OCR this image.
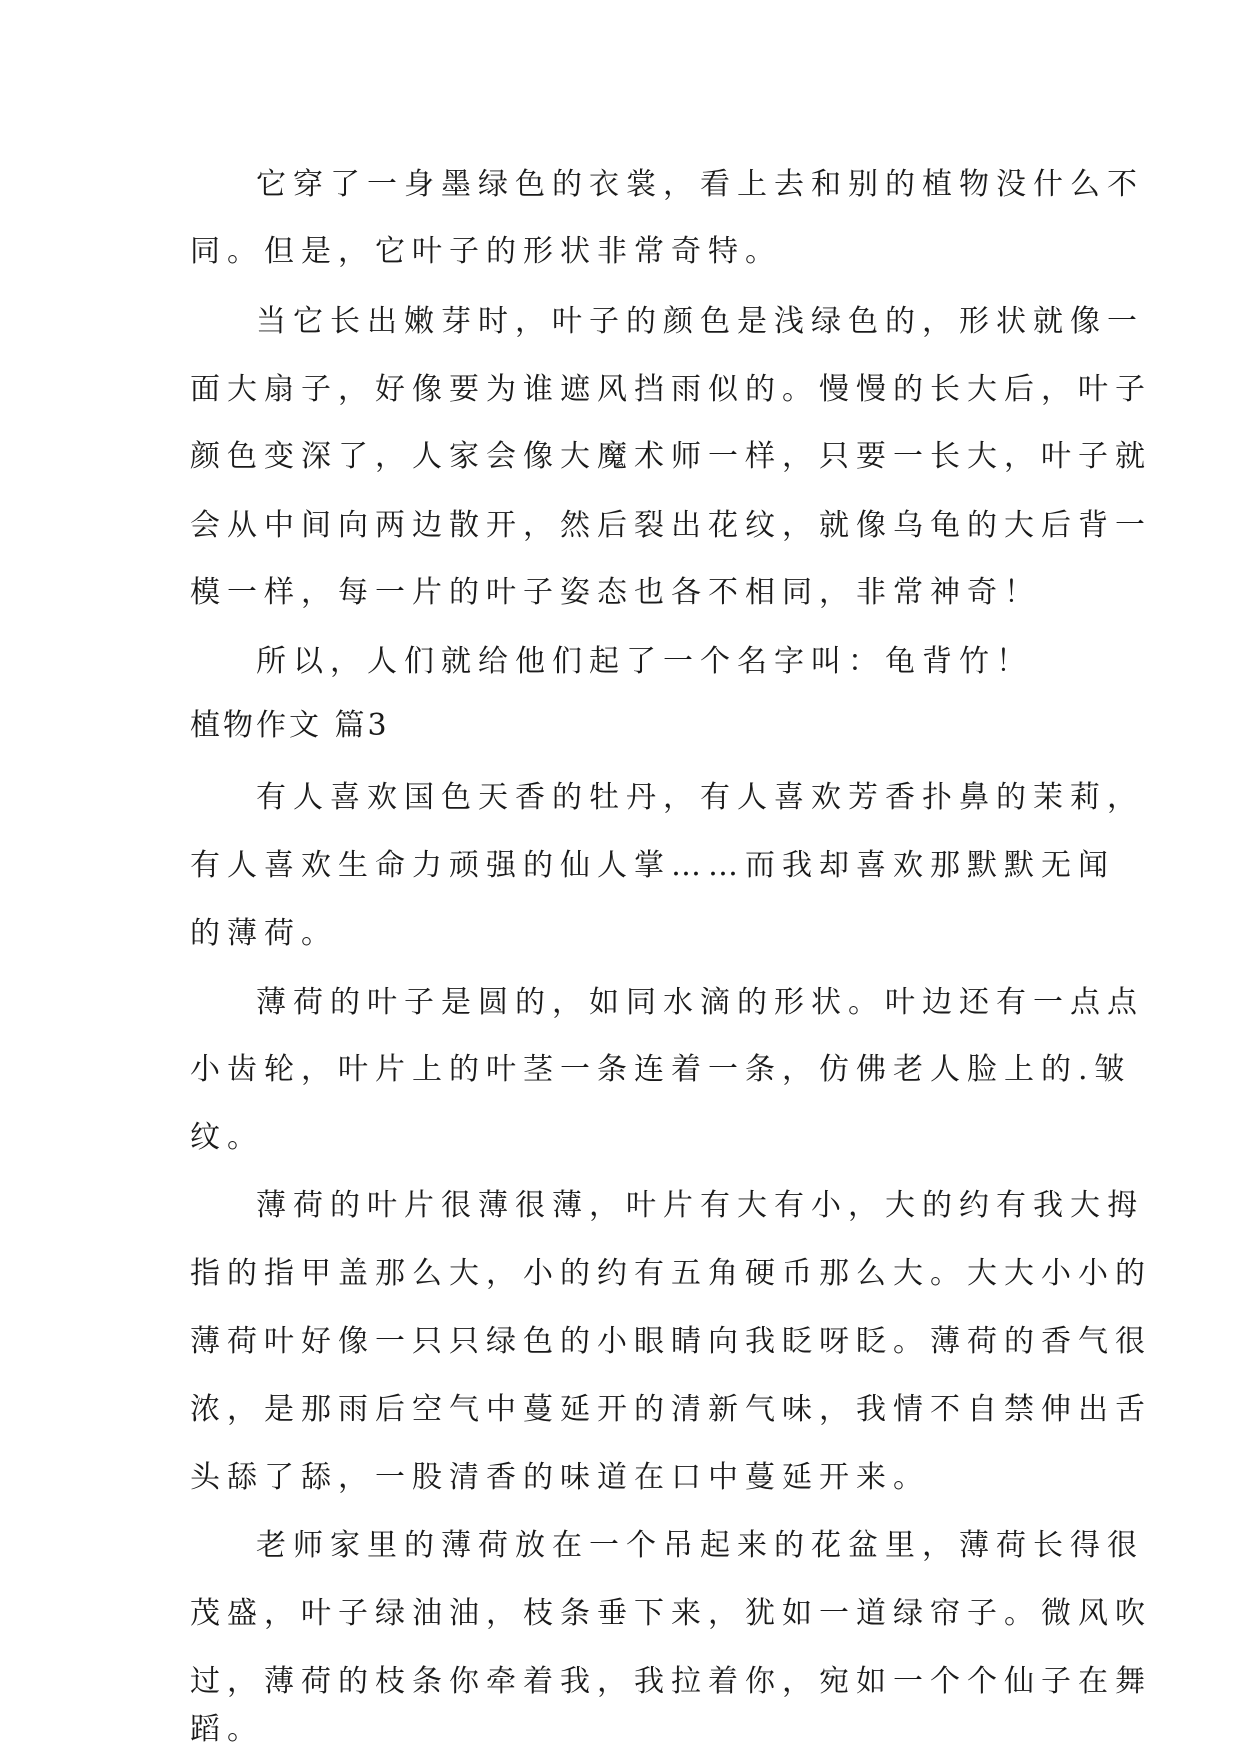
它穿了一身墨绿色的衣裳，看上去和别的植物没什么不

同。但是，它叶子的形状非常奇特。

当它长出嫩芽时，叶子的颜色是浅绿色的，形状就像一

面大扇子，好像要为谁遮风挡雨似的。慢慢的长大后，叶子

颜色变深了，人家会像大魔术师一样，只要一长大，叶子就

会从中间向两边散开，然后裂出花纹，就像乌龟的大后背一

模一样，每一片的叶子姿态也各不相同，非常神奇！

所以，人们就给他们起了一个名字叫：龟背竹！

植物作文 篇3

有人喜欢国色天香的牡丹，有人喜欢芳香扑鼻的茉莉，

有人喜欢生命力顽强的仙人掌……而我却喜欢那默默无闻

的薄荷。

薄荷的叶子是圆的，如同水滴的形状。叶边还有一点点

小齿轮，叶片上的叶茎一条连着一条，仿佛老人脸上的.皱

纹。

薄荷的叶片很薄很薄，叶片有大有小，大的约有我大拇

指的指甲盖那么大，小的约有五角硬币那么大。大大小小的

薄荷叶好像一只只绿色的小眼睛向我眨呀眨。薄荷的香气很

浓，是那雨后空气中蔓延开的清新气味，我情不自禁伸出舌

头舔了舔，一股清香的味道在口中蔓延开来。

老师家里的薄荷放在一个吊起来的花盆里，薄荷长得很

茂盛，叶子绿油油，枝条垂下来，犹如一道绿帘子。微风吹

过，薄荷的枝条你牵着我，我拉着你，宛如一个个仙子在舞

蹈。
